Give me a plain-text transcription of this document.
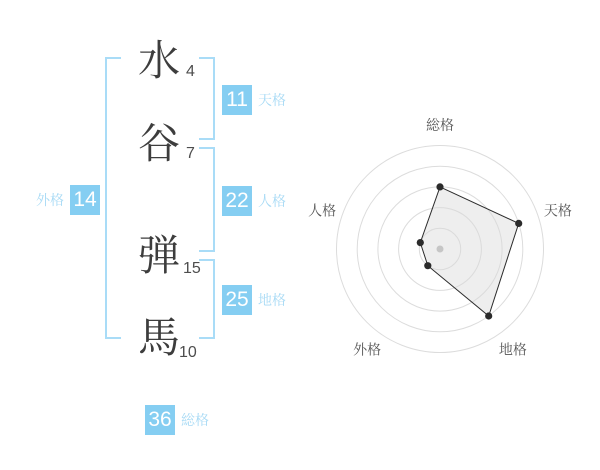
水
谷
弾
馬
4
7
15
10
11 天格
22 人格
25 地格
外格 14
36 総格
総格
天格
地格
外格
人格
